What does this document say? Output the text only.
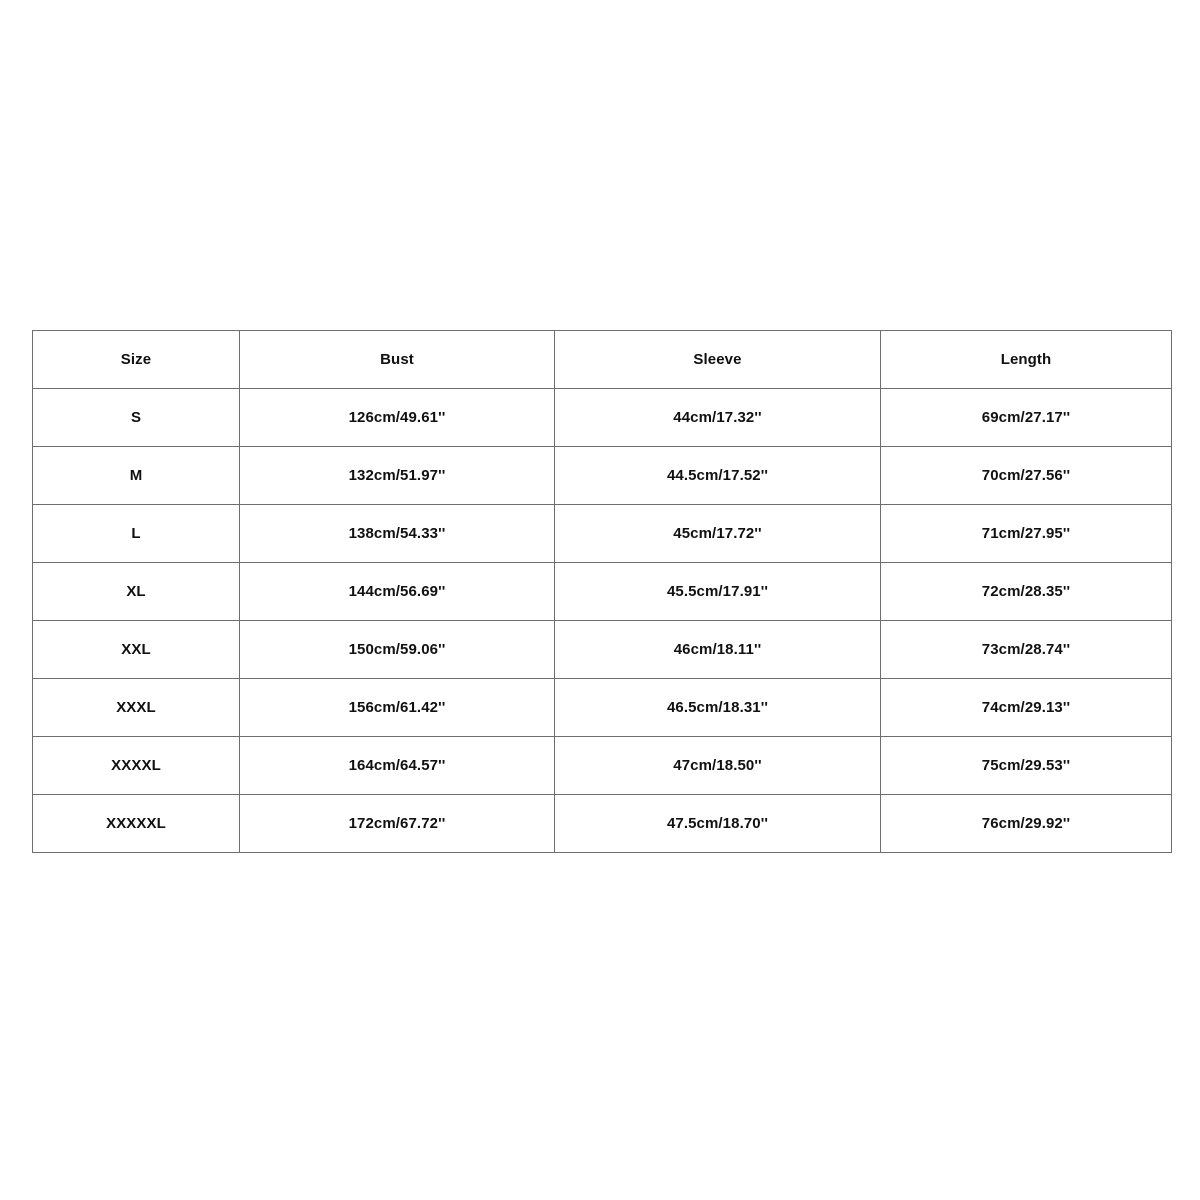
Size	Bust	Sleeve	Length
S	126cm/49.61''	44cm/17.32''	69cm/27.17''
M	132cm/51.97''	44.5cm/17.52''	70cm/27.56''
L	138cm/54.33''	45cm/17.72''	71cm/27.95''
XL	144cm/56.69''	45.5cm/17.91''	72cm/28.35''
XXL	150cm/59.06''	46cm/18.11''	73cm/28.74''
XXXL	156cm/61.42''	46.5cm/18.31''	74cm/29.13''
XXXXL	164cm/64.57''	47cm/18.50''	75cm/29.53''
XXXXXL	172cm/67.72''	47.5cm/18.70''	76cm/29.92''
